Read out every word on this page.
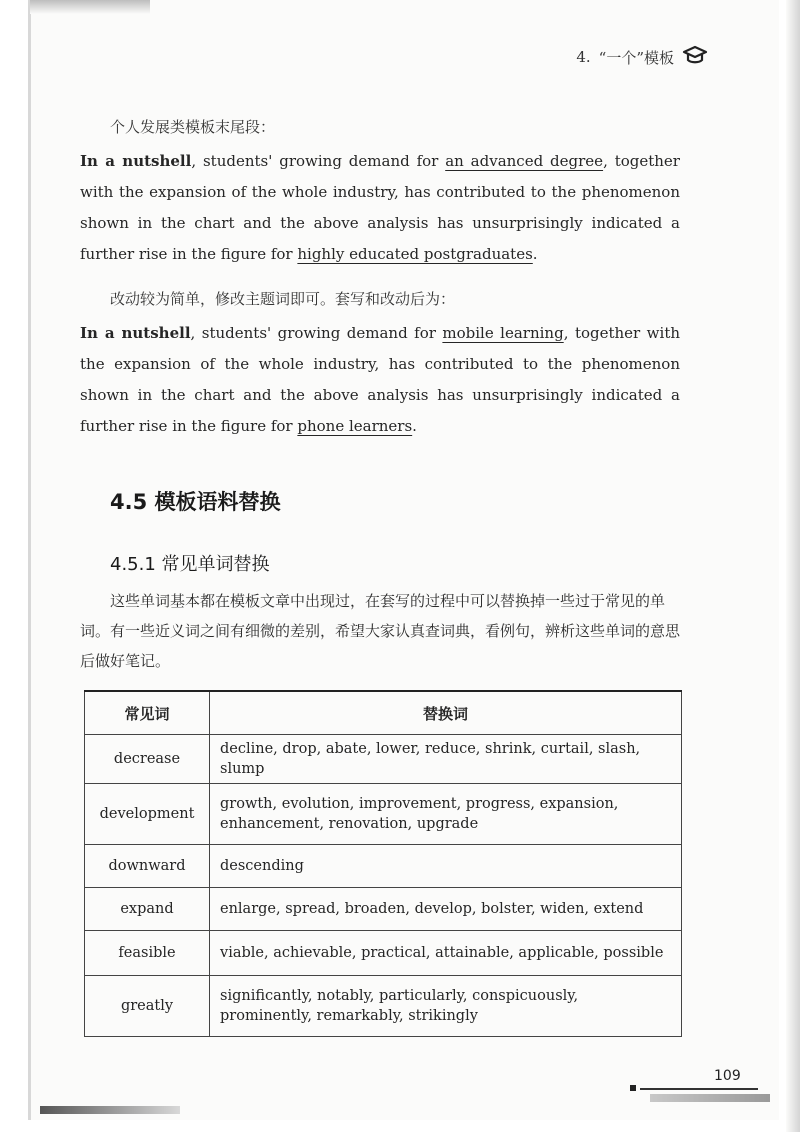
4. “一个”模板
个人发展类模板末尾段：
In a nutshell, students' growing demand for an advanced degree, together with the expansion of the whole industry, has contributed to the phenomenon shown in the chart and the above analysis has unsurprisingly indicated a further rise in the figure for highly educated postgraduates.
改动较为简单，修改主题词即可。套写和改动后为：
In a nutshell, students' growing demand for mobile learning, together with the expansion of the whole industry, has contributed to the phenomenon shown in the chart and the above analysis has unsurprisingly indicated a further rise in the figure for phone learners.
4.5 模板语料替换
4.5.1 常见单词替换
这些单词基本都在模板文章中出现过，在套写的过程中可以替换掉一些过于常见的单词。有一些近义词之间有细微的差别，希望大家认真查词典，看例句，辨析这些单词的意思后做好笔记。
常见词	替换词
decrease	decline, drop, abate, lower, reduce, shrink, curtail, slash, slump
development	growth, evolution, improvement, progress, expansion, enhancement, renovation, upgrade
downward	descending
expand	enlarge, spread, broaden, develop, bolster, widen, extend
feasible	viable, achievable, practical, attainable, applicable, possible
greatly	significantly, notably, particularly, conspicuously, prominently, remarkably, strikingly
109
